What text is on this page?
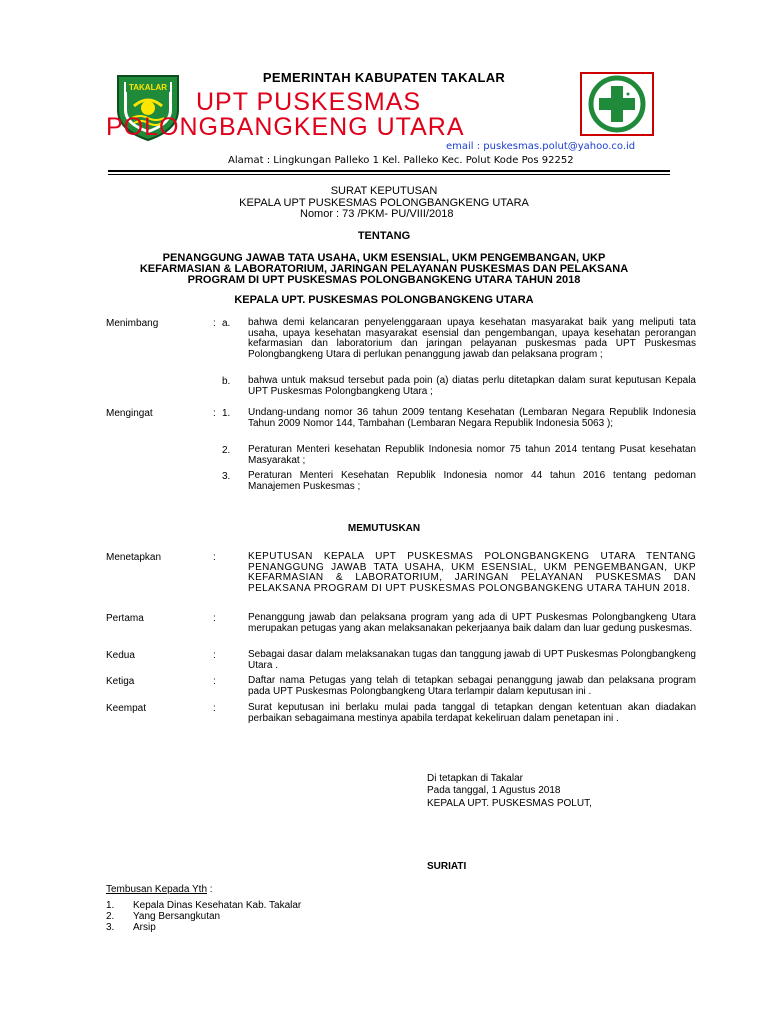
TAKALAR
PEMERINTAH KABUPATEN TAKALAR
UPT PUSKESMAS
POLONGBANGKENG UTARA
email : puskesmas.polut@yahoo.co.id
Alamat : Lingkungan Palleko 1 Kel. Palleko Kec. Polut Kode Pos 92252
SURAT KEPUTUSAN
KEPALA UPT PUSKESMAS POLONGBANGKENG UTARA
Nomor : 73 /PKM- PU/VIII/2018
TENTANG
PENANGGUNG JAWAB TATA USAHA, UKM ESENSIAL, UKM PENGEMBANGAN, UKP
KEFARMASIAN & LABORATORIUM, JARINGAN PELAYANAN PUSKESMAS DAN PELAKSANA
PROGRAM DI UPT PUSKESMAS POLONGBANGKENG UTARA TAHUN 2018
KEPALA UPT. PUSKESMAS POLONGBANGKENG UTARA
Menimbang	: a. bahwa demi kelancaran penyelenggaraan upaya kesehatan masyarakat baik yang meliputi tata usaha, upaya kesehatan masyarakat esensial dan pengembangan, upaya kesehatan perorangan kefarmasian dan laboratorium dan jaringan pelayanan puskesmas pada UPT Puskesmas Polongbangkeng Utara di perlukan penanggung jawab dan pelaksana program ;
b. bahwa untuk maksud tersebut pada poin (a) diatas perlu ditetapkan dalam surat keputusan Kepala UPT Puskesmas Polongbangkeng Utara ;
Mengingat	: 1. Undang-undang nomor 36 tahun 2009 tentang Kesehatan (Lembaran Negara Republik Indonesia Tahun 2009 Nomor 144, Tambahan (Lembaran Negara Republik Indonesia 5063 );
2. Peraturan Menteri kesehatan Republik Indonesia nomor 75 tahun 2014 tentang Pusat kesehatan Masyarakat ;
3. Peraturan Menteri Kesehatan Republik Indonesia nomor 44 tahun 2016 tentang pedoman Manajemen Puskesmas ;
MEMUTUSKAN
Menetapkan	:	KEPUTUSAN KEPALA UPT PUSKESMAS POLONGBANGKENG UTARA TENTANG PENANGGUNG JAWAB TATA USAHA, UKM ESENSIAL, UKM PENGEMBANGAN, UKP KEFARMASIAN & LABORATORIUM, JARINGAN PELAYANAN PUSKESMAS DAN PELAKSANA PROGRAM DI UPT PUSKESMAS POLONGBANGKENG UTARA TAHUN 2018.
Pertama	:	Penanggung jawab dan pelaksana program yang ada di UPT Puskesmas Polongbangkeng Utara merupakan petugas yang akan melaksanakan pekerjaanya baik dalam dan luar gedung puskesmas.
Kedua	:	Sebagai dasar dalam melaksanakan tugas dan tanggung jawab di UPT Puskesmas Polongbangkeng Utara .
Ketiga	:	Daftar nama Petugas yang telah di tetapkan sebagai penanggung jawab dan pelaksana program pada UPT Puskesmas Polongbangkeng Utara terlampir dalam keputusan ini .
Keempat	:	Surat keputusan ini berlaku mulai pada tanggal di tetapkan dengan ketentuan akan diadakan perbaikan sebagaimana mestinya apabila terdapat kekeliruan dalam penetapan ini .
Di tetapkan di Takalar
Pada tanggal, 1 Agustus 2018
KEPALA UPT. PUSKESMAS POLUT,
SURIATI
Tembusan Kepada Yth :
1. Kepala Dinas Kesehatan Kab. Takalar
2. Yang Bersangkutan
3. Arsip
